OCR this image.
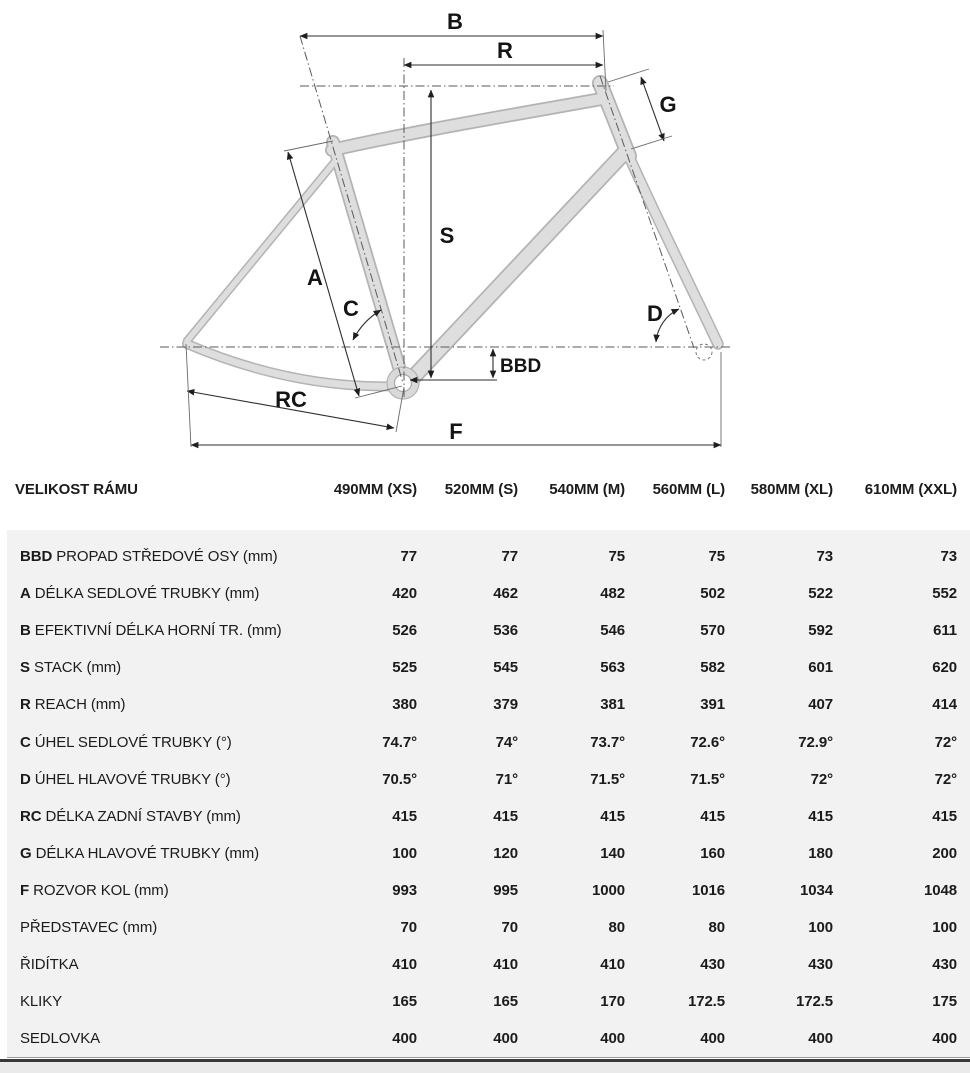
B
R
G
S
A
C	D
BBD
RC
F
VELIKOST RÁMU	490MM (XS)	520MM (S)	540MM (M)	560MM (L)	580MM (XL)	610MM (XXL)
BBD PROPAD STŘEDOVÉ OSY (mm)	77	77	75	75	73	73
A DÉLKA SEDLOVÉ TRUBKY (mm)	420	462	482	502	522	552
B EFEKTIVNÍ DÉLKA HORNÍ TR. (mm)	526	536	546	570	592	611
S STACK (mm)	525	545	563	582	601	620
R REACH (mm)	380	379	381	391	407	414
C ÚHEL SEDLOVÉ TRUBKY (°)	74.7°	74°	73.7°	72.6°	72.9°	72°
D ÚHEL HLAVOVÉ TRUBKY (°)	70.5°	71°	71.5°	71.5°	72°	72°
RC DÉLKA ZADNÍ STAVBY (mm)	415	415	415	415	415	415
G DÉLKA HLAVOVÉ TRUBKY (mm)	100	120	140	160	180	200
F ROZVOR KOL (mm)	993	995	1000	1016	1034	1048
PŘEDSTAVEC (mm)	70	70	80	80	100	100
ŘIDÍTKA	410	410	410	430	430	430
KLIKY	165	165	170	172.5	172.5	175
SEDLOVKA	400	400	400	400	400	400
